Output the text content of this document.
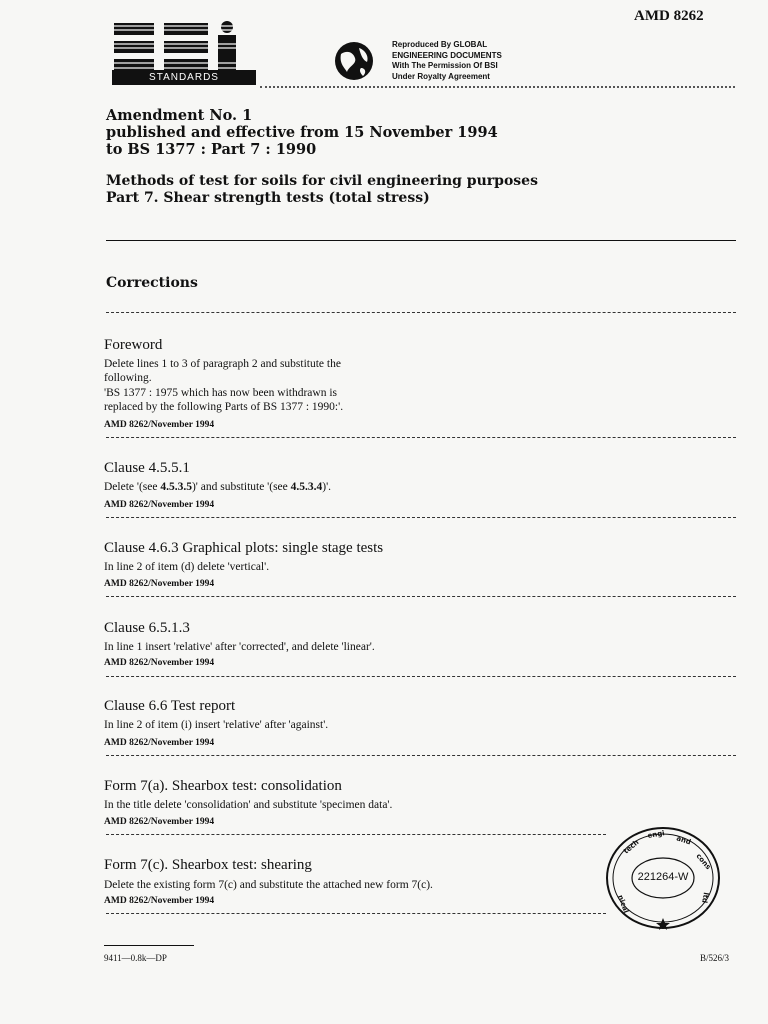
AMD 8262
STANDARDS
Reproduced By GLOBAL
ENGINEERING DOCUMENTS
With The Permission Of BSI
Under Royalty Agreement
Amendment No. 1
published and effective from 15 November 1994
to BS 1377 : Part 7 : 1990
Methods of test for soils for civil engineering purposes
Part 7. Shear strength tests (total stress)
Corrections
Foreword
Delete lines 1 to 3 of paragraph 2 and substitute the
following.
'BS 1377 : 1975 which has now been withdrawn is
replaced by the following Parts of BS 1377 : 1990:'.
AMD 8262/November 1994
Clause 4.5.5.1
Delete '(see 4.5.3.5)' and substitute '(see 4.5.3.4)'.
AMD 8262/November 1994
Clause 4.6.3 Graphical plots: single stage tests
In line 2 of item (d) delete 'vertical'.
AMD 8262/November 1994
Clause 6.5.1.3
In line 1 insert 'relative' after 'corrected', and delete 'linear'.
AMD 8262/November 1994
Clause 6.6 Test report
In line 2 of item (i) insert 'relative' after 'against'.
AMD 8262/November 1994
Form 7(a). Shearbox test: consolidation
In the title delete 'consolidation' and substitute 'specimen data'.
AMD 8262/November 1994
Form 7(c). Shearbox test: shearing
Delete the existing form 7(c) and substitute the attached new form 7(c).
AMD 8262/November 1994
tech
engi and
cons
ltd
nical
221264-W
9411—0.8k—DP	B/526/3
